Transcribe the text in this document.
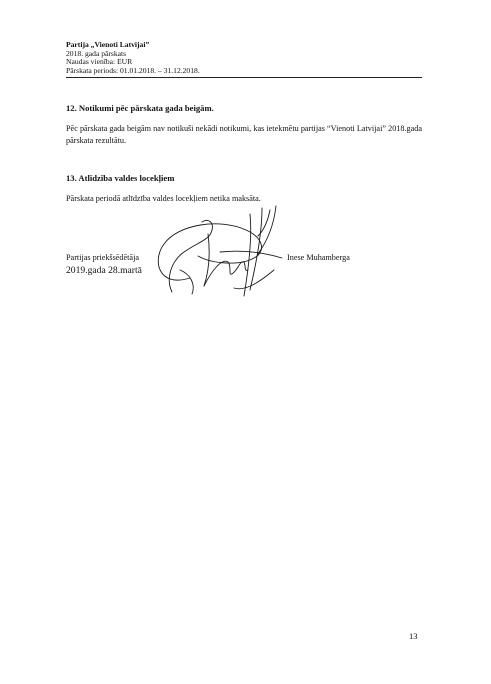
Partija „Vienoti Latvijai”
2018. gada pārskats
Naudas vienība: EUR
Pārskata periods: 01.01.2018. – 31.12.2018.
12. Notikumi pēc pārskata gada beigām.
Pēc pārskata gada beigām nav notikuši nekādi notikumi, kas ietekmētu partijas “Vienoti Latvijai” 2018.gada pārskata rezultātu.
13. Atlīdzība valdes locekļiem
Pārskata periodā atlīdzība valdes locekļiem netika maksāta.
Partijas priekšsēdētāja
2019.gada 28.martā
Inese Muhamberga
13
